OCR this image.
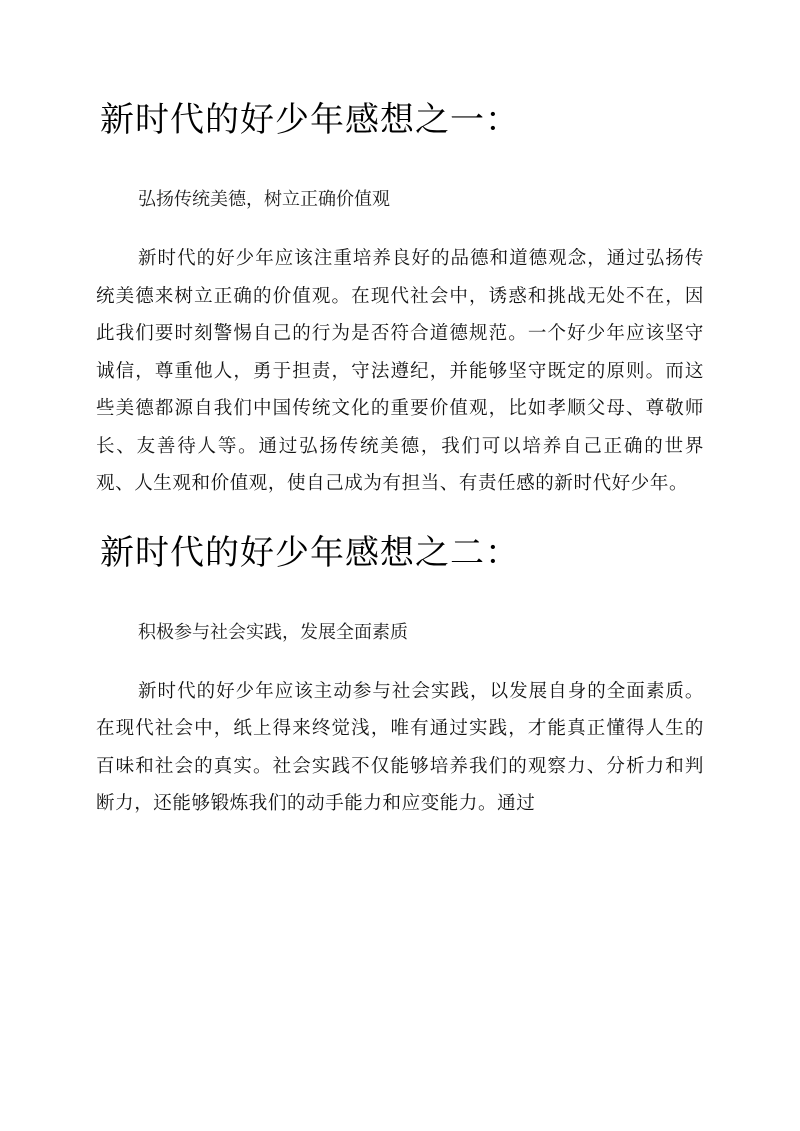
新时代的好少年感想之一：

弘扬传统美德，树立正确价值观

新时代的好少年应该注重培养良好的品德和道德观念，通过弘扬传统美德来树立正确的价值观。在现代社会中，诱惑和挑战无处不在，因此我们要时刻警惕自己的行为是否符合道德规范。一个好少年应该坚守诚信，尊重他人，勇于担责，守法遵纪，并能够坚守既定的原则。而这些美德都源自我们中国传统文化的重要价值观，比如孝顺父母、尊敬师长、友善待人等。通过弘扬传统美德，我们可以培养自己正确的世界观、人生观和价值观，使自己成为有担当、有责任感的新时代好少年。

新时代的好少年感想之二：

积极参与社会实践，发展全面素质

新时代的好少年应该主动参与社会实践，以发展自身的全面素质。在现代社会中，纸上得来终觉浅，唯有通过实践，才能真正懂得人生的百味和社会的真实。社会实践不仅能够培养我们的观察力、分析力和判断力，还能够锻炼我们的动手能力和应变能力。通过
